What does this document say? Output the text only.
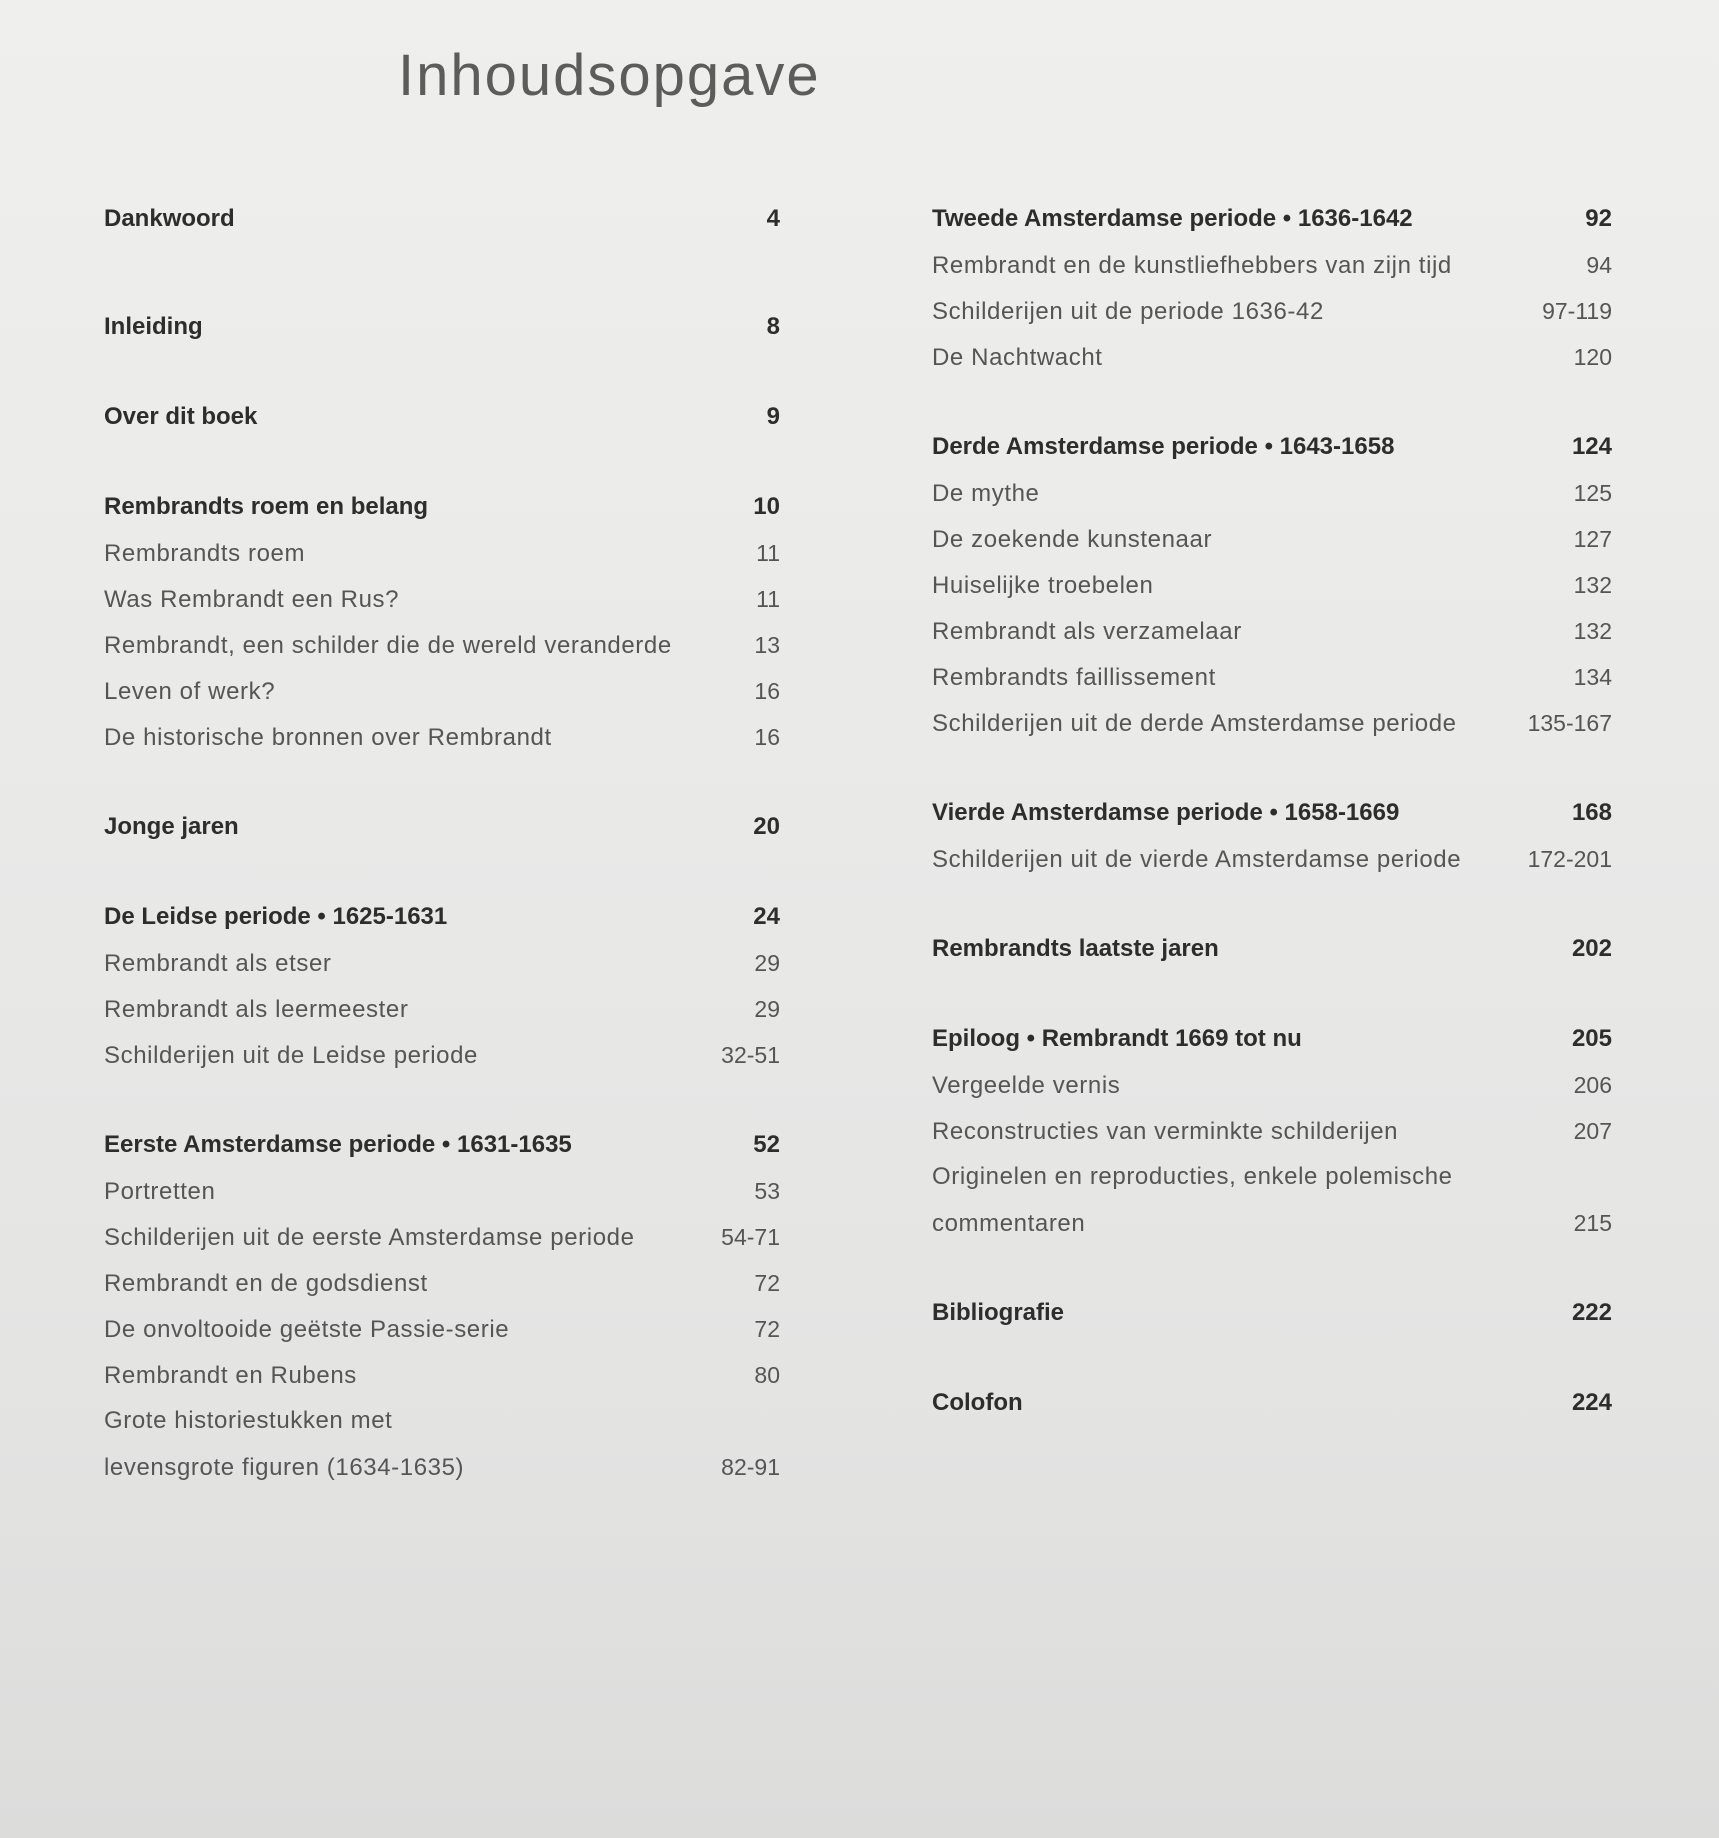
Inhoudsopgave
Dankwoord	4
Inleiding	8
Over dit boek	9
Rembrandts roem en belang	10
Rembrandts roem	11
Was Rembrandt een Rus?	11
Rembrandt, een schilder die de wereld veranderde	13
Leven of werk?	16
De historische bronnen over Rembrandt	16
Jonge jaren	20
De Leidse periode • 1625-1631	24
Rembrandt als etser	29
Rembrandt als leermeester	29
Schilderijen uit de Leidse periode	32-51
Eerste Amsterdamse periode • 1631-1635	52
Portretten	53
Schilderijen uit de eerste Amsterdamse periode	54-71
Rembrandt en de godsdienst	72
De onvoltooide geëtste Passie-serie	72
Rembrandt en Rubens	80
Grote historiestukken met
levensgrote figuren (1634-1635)	82-91
Tweede Amsterdamse periode • 1636-1642	92
Rembrandt en de kunstliefhebbers van zijn tijd	94
Schilderijen uit de periode 1636-42	97-119
De Nachtwacht	120
Derde Amsterdamse periode • 1643-1658	124
De mythe	125
De zoekende kunstenaar	127
Huiselijke troebelen	132
Rembrandt als verzamelaar	132
Rembrandts faillissement	134
Schilderijen uit de derde Amsterdamse periode	135-167
Vierde Amsterdamse periode • 1658-1669	168
Schilderijen uit de vierde Amsterdamse periode	172-201
Rembrandts laatste jaren	202
Epiloog • Rembrandt 1669 tot nu	205
Vergeelde vernis	206
Reconstructies van verminkte schilderijen	207
Originelen en reproducties, enkele polemische
commentaren	215
Bibliografie	222
Colofon	224
